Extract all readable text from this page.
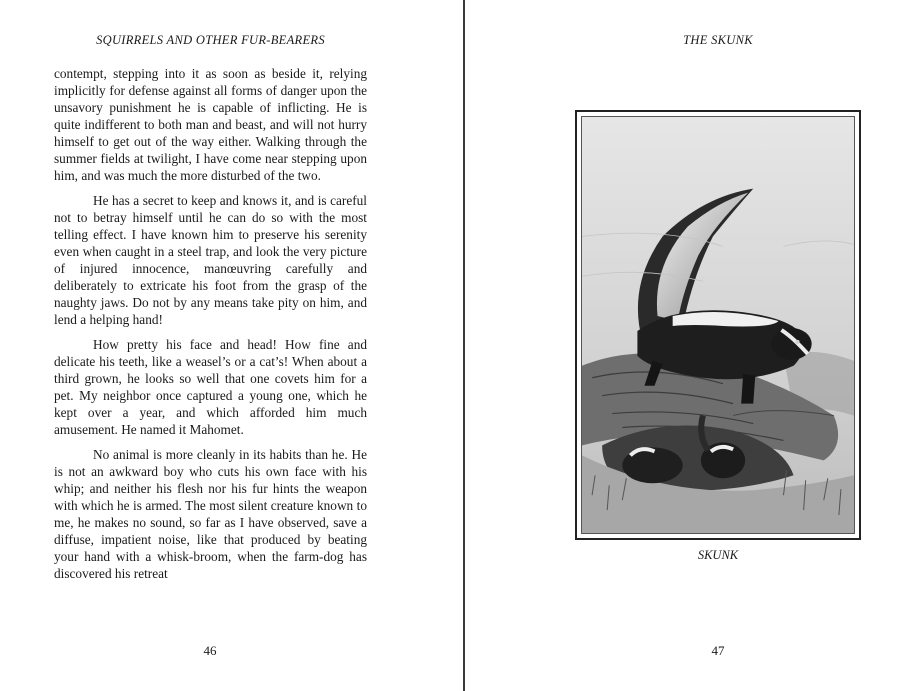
SQUIRRELS AND OTHER FUR-BEARERS

contempt, stepping into it as soon as beside it, relying implicitly for defense against all forms of danger upon the unsavory punishment he is capable of inflicting. He is quite indifferent to both man and beast, and will not hurry himself to get out of the way either. Walking through the summer fields at twilight, I have come near stepping upon him, and was much the more disturbed of the two.

He has a secret to keep and knows it, and is careful not to betray himself until he can do so with the most telling effect. I have known him to preserve his serenity even when caught in a steel trap, and look the very picture of injured innocence, manœuvring carefully and deliberately to extricate his foot from the grasp of the naughty jaws. Do not by any means take pity on him, and lend a helping hand!

How pretty his face and head! How fine and delicate his teeth, like a weasel’s or a cat’s! When about a third grown, he looks so well that one covets him for a pet. My neighbor once captured a young one, which he kept over a year, and which afforded him much amusement. He named it Mahomet.

No animal is more cleanly in its habits than he. He is not an awkward boy who cuts his own face with his whip; and neither his flesh nor his fur hints the weapon with which he is armed. The most silent creature known to me, he makes no sound, so far as I have observed, save a diffuse, impatient noise, like that produced by beating your hand with a whisk-broom, when the farm-dog has discovered his retreat

46
THE SKUNK
SKUNK
47
